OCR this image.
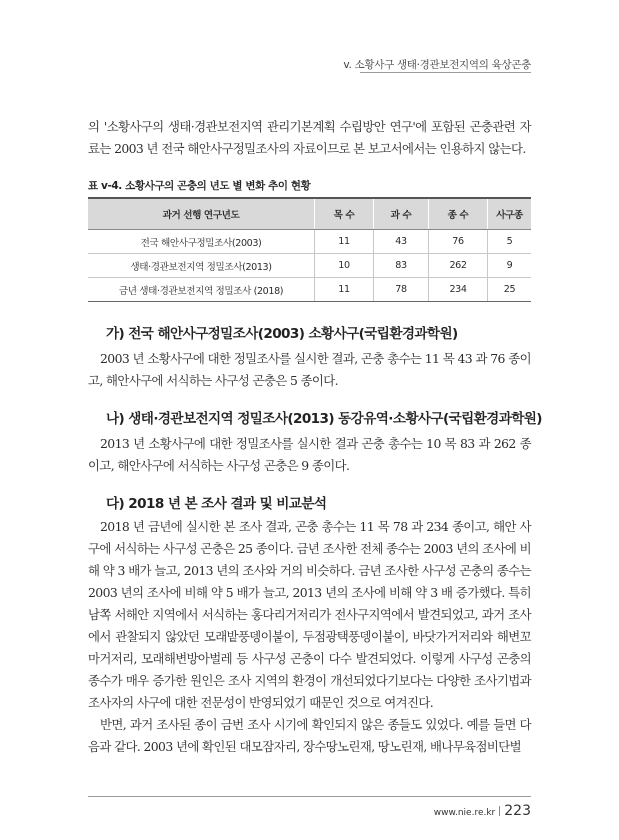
v. 소황사구 생태·경관보전지역의 육상곤충

의 '소황사구의 생태·경관보전지역 관리기본계획 수립방안 연구'에 포함된 곤충관련 자료는 2003 년 전국 해안사구정밀조사의 자료이므로 본 보고서에서는 인용하지 않는다.

표 v-4. 소황사구의 곤충의 년도 별 변화 추이 현황
과거 선행 연구년도	목 수	과 수	종 수	사구종
전국 해안사구정밀조사(2003)	11	43	76	5
생태·경관보전지역 정밀조사(2013)	10	83	262	9
금년 생태·경관보전지역 정밀조사 (2018)	11	78	234	25
가) 전국 해안사구정밀조사(2003) 소황사구(국립환경과학원)

2003 년 소황사구에 대한 정밀조사를 실시한 결과, 곤충 총수는 11 목 43 과 76 종이고, 해안사구에 서식하는 사구성 곤충은 5 종이다.

나) 생태·경관보전지역 정밀조사(2013) 동강유역·소황사구(국립환경과학원)

2013 년 소황사구에 대한 정밀조사를 실시한 결과 곤충 총수는 10 목 83 과 262 종이고, 해안사구에 서식하는 사구성 곤충은 9 종이다.

다) 2018 년 본 조사 결과 및 비교분석

2018 년 금년에 실시한 본 조사 결과, 곤충 총수는 11 목 78 과 234 종이고, 해안 사구에 서식하는 사구성 곤충은 25 종이다. 금년 조사한 전체 종수는 2003 년의 조사에 비해 약 3 배가 늘고, 2013 년의 조사와 거의 비슷하다. 금년 조사한 사구성 곤충의 종수는 2003 년의 조사에 비해 약 5 배가 늘고, 2013 년의 조사에 비해 약 3 배 증가했다. 특히 남쪽 서해안 지역에서 서식하는 홍다리거저리가 전사구지역에서 발견되었고, 과거 조사에서 관찰되지 않았던 모래밭풍뎅이붙이, 두점광택풍뎅이붙이, 바닷가거저리와 해변꼬마거저리, 모래해변방아벌레 등 사구성 곤충이 다수 발견되었다. 이렇게 사구성 곤충의 종수가 매우 증가한 원인은 조사 지역의 환경이 개선되었다기보다는 다양한 조사기법과 조사자의 사구에 대한 전문성이 반영되었기 때문인 것으로 여겨진다.

반면, 과거 조사된 종이 금번 조사 시기에 확인되지 않은 종들도 있었다. 예를 들면 다음과 같다. 2003 년에 확인된 대모잠자리, 장수땅노린재, 땅노린재, 배나무육점비단벌

www.nie.re.kr 223
